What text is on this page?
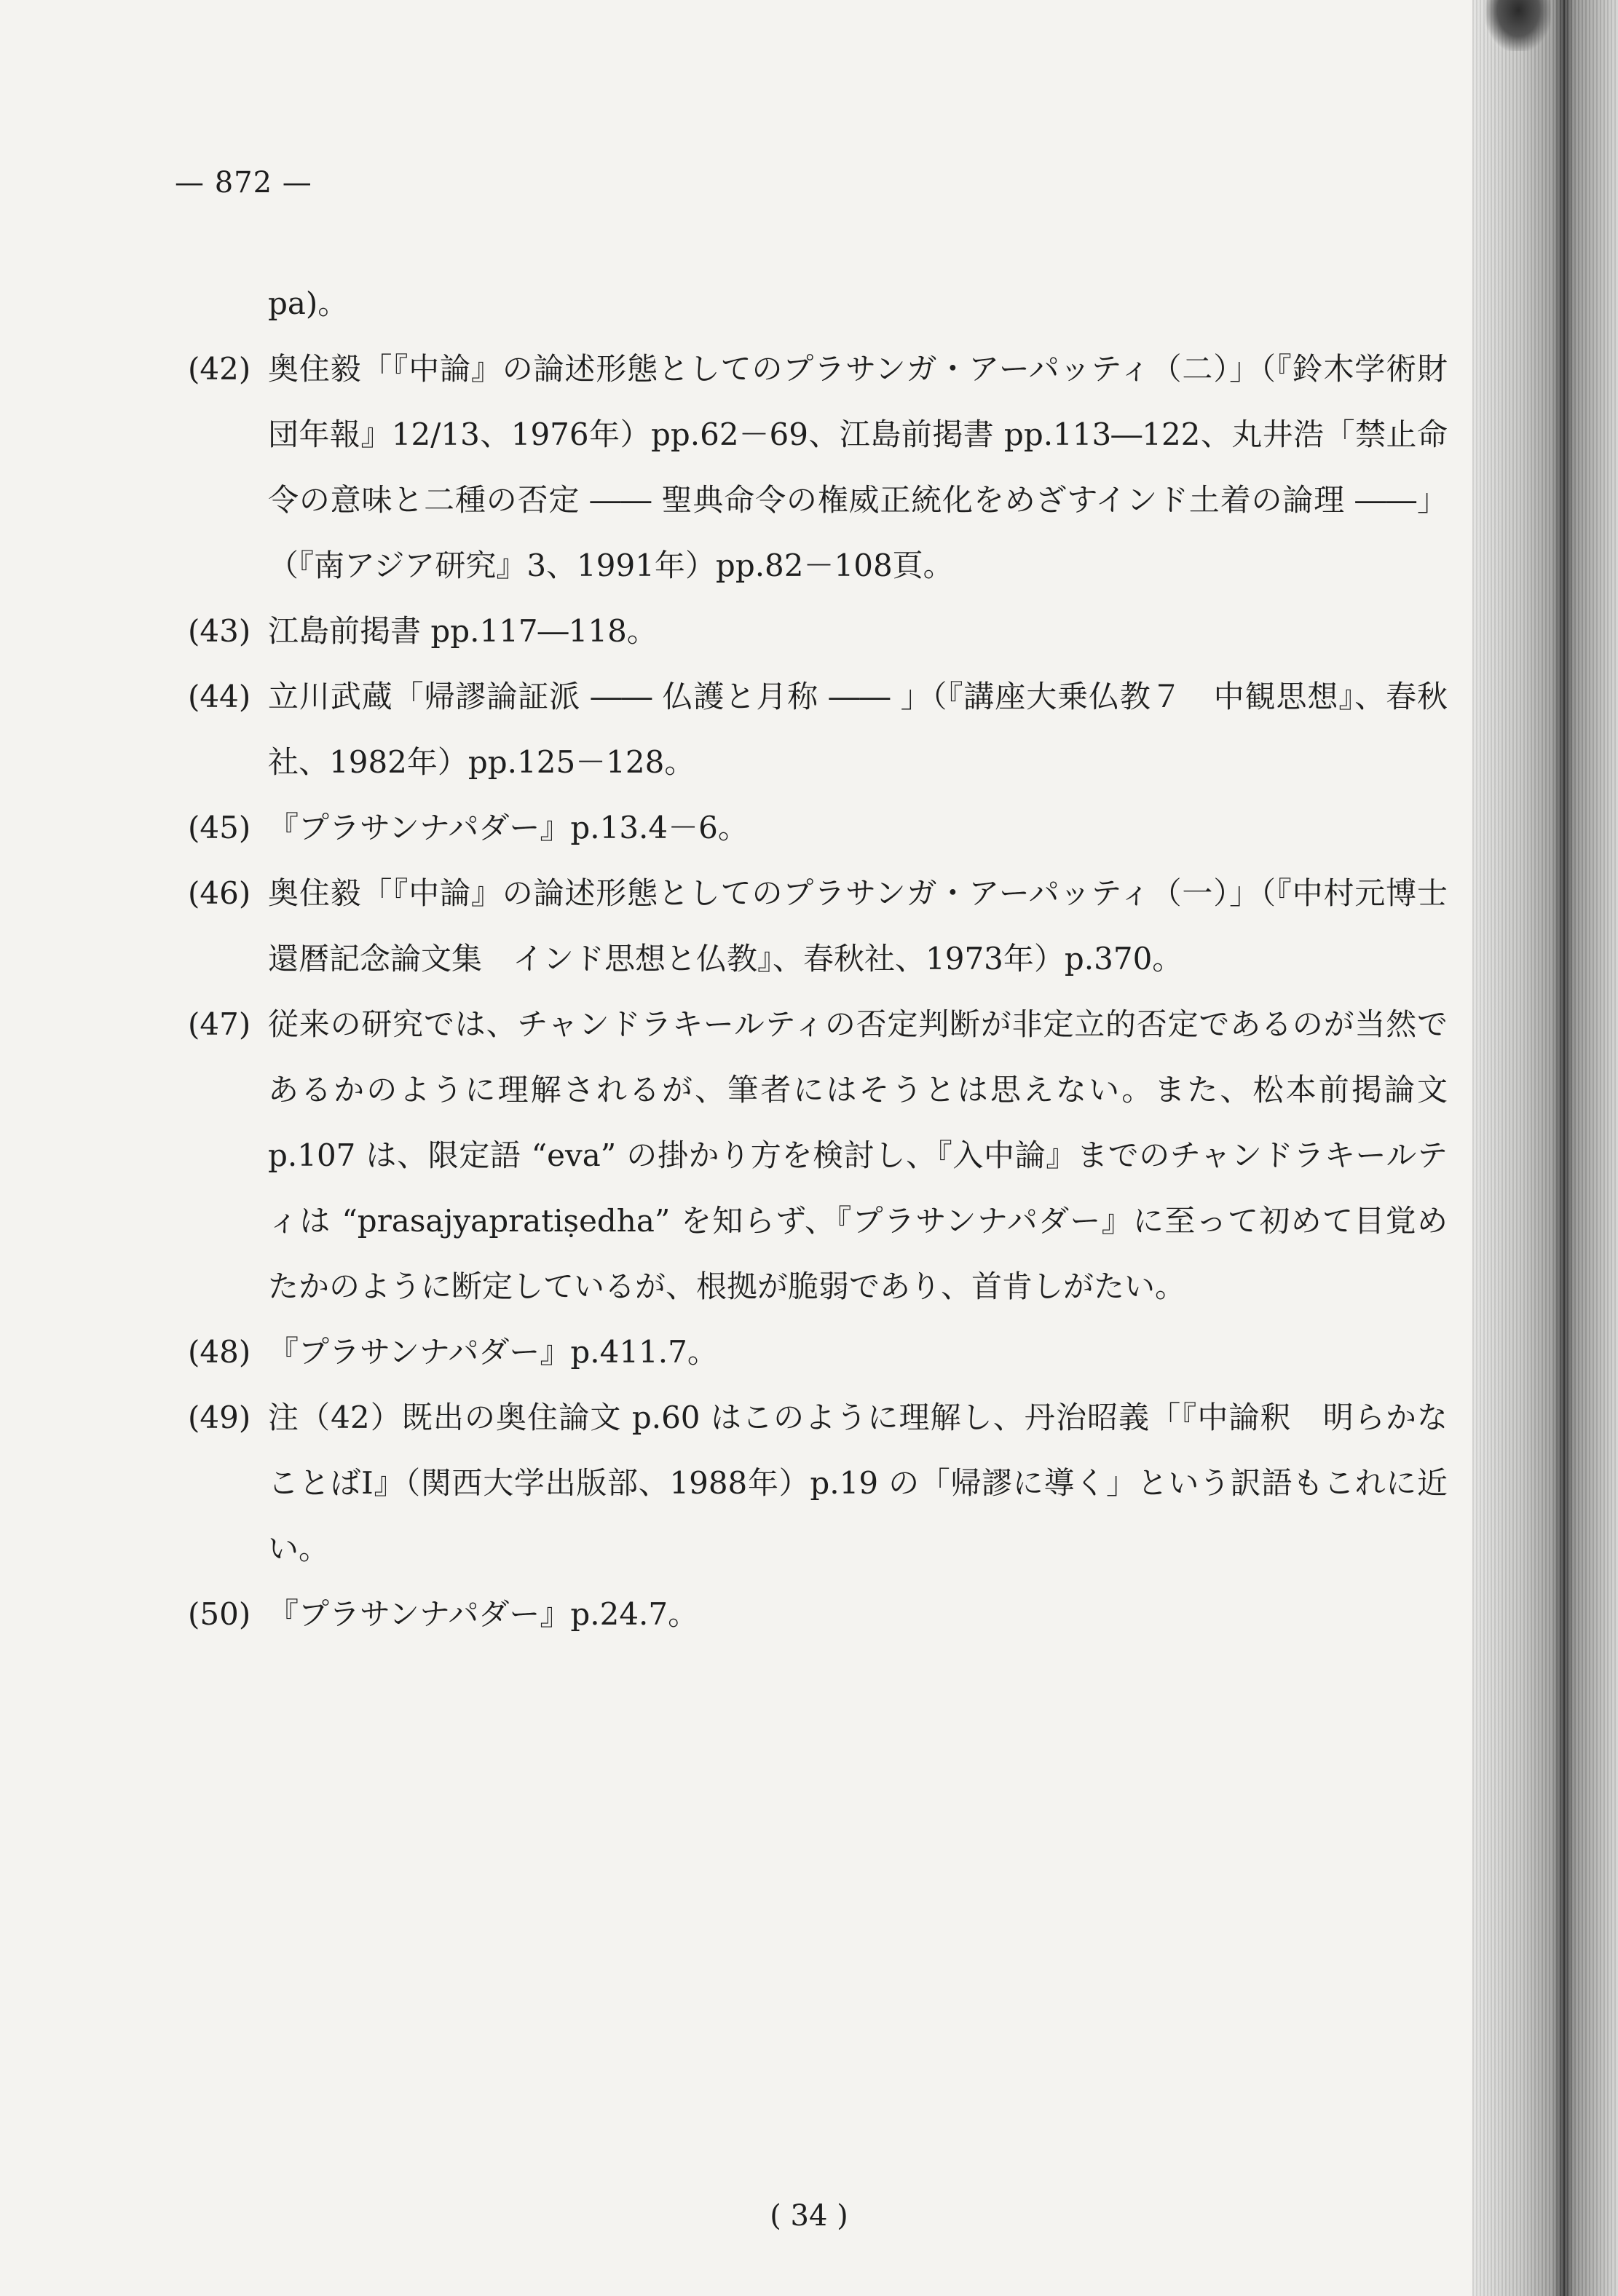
— 872 —
pa)。
(42) 奥住毅「『中論』の論述形態としてのプラサンガ・アーパッティ（二）」（『鈴木学術財団年報』12/13、1976年）pp.62－69、江島前掲書 pp.113―122、丸井浩「禁止命令の意味と二種の否定 ―― 聖典命令の権威正統化をめざすインド土着の論理 ――」（『南アジア研究』3、1991年）pp.82－108頁。
(43) 江島前掲書 pp.117―118。
(44) 立川武蔵「帰謬論証派 ―― 仏護と月称 ―― 」（『講座大乗仏教７　中観思想』、春秋社、1982年）pp.125－128。
(45) 『プラサンナパダー』p.13.4－6。
(46) 奥住毅「『中論』の論述形態としてのプラサンガ・アーパッティ（一）」（『中村元博士還暦記念論文集　インド思想と仏教』、春秋社、1973年）p.370。
(47) 従来の研究では、チャンドラキールティの否定判断が非定立的否定であるのが当然であるかのように理解されるが、筆者にはそうとは思えない。また、松本前掲論文 p.107 は、限定語 “eva” の掛かり方を検討し、『入中論』までのチャンドラキールティは “prasajyapratiṣedha” を知らず、『プラサンナパダー』に至って初めて目覚めたかのように断定しているが、根拠が脆弱であり、首肯しがたい。
(48) 『プラサンナパダー』p.411.7。
(49) 注（42）既出の奥住論文 p.60 はこのように理解し、丹治昭義「『中論釈　明らかなことばⅠ』（関西大学出版部、1988年）p.19 の「帰謬に導く」という訳語もこれに近い。
(50) 『プラサンナパダー』p.24.7。
( 34 )
